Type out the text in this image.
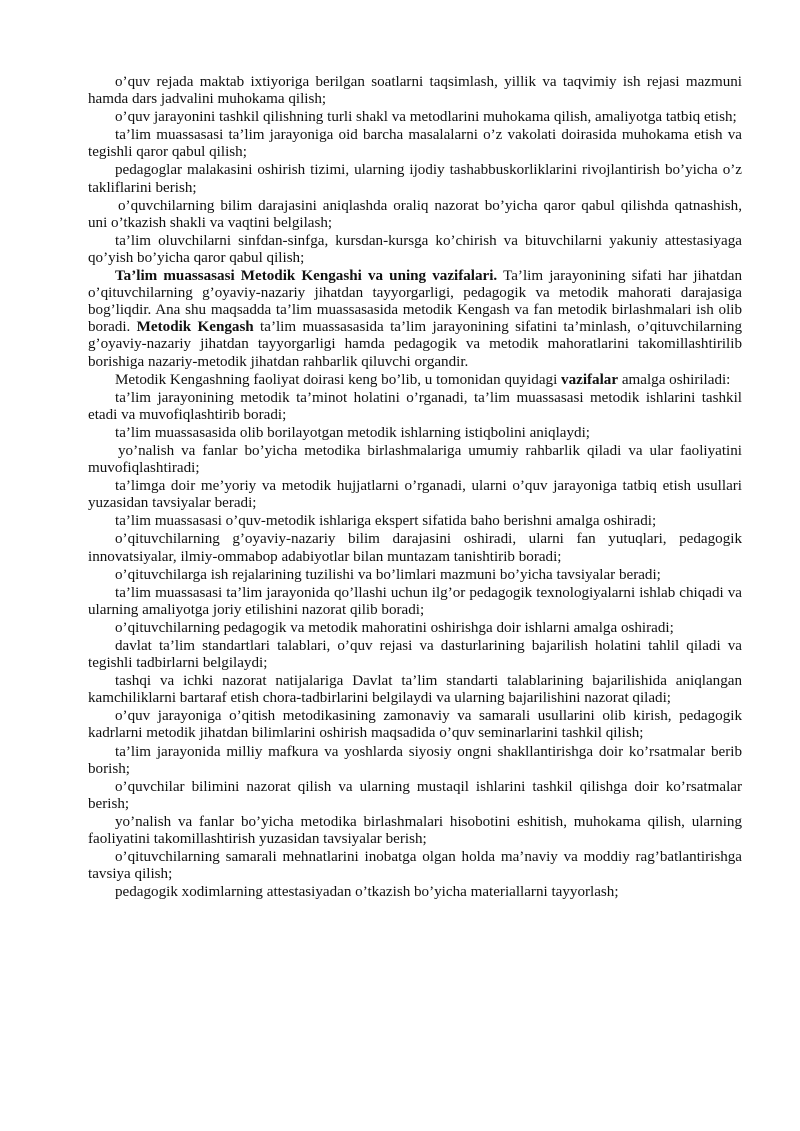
o’quv rejada maktab ixtiyoriga berilgan soatlarni taqsimlash, yillik va taqvimiy ish rejasi mazmuni hamda dars jadvalini muhokama qilish;

o’quv jarayonini tashkil qilishning turli shakl va metodlarini muhokama qilish, amaliyotga tatbiq etish;

ta’lim muassasasi ta’lim jarayoniga oid barcha masalalarni o’z vakolati doirasida muhokama etish va tegishli qaror qabul qilish;

pedagoglar malakasini oshirish tizimi, ularning ijodiy tashabbuskorliklarini rivojlantirish bo’yicha o’z takliflarini berish;

o’quvchilarning bilim darajasini aniqlashda oraliq nazorat bo’yicha qaror qabul qilishda qatnashish, uni o’tkazish shakli va vaqtini belgilash;

ta’lim oluvchilarni sinfdan-sinfga, kursdan-kursga ko’chirish va bituvchilarni yakuniy attestasiyaga qo’yish bo’yicha qaror qabul qilish;

Ta’lim muassasasi Metodik Kengashi va uning vazifalari. Ta’lim jarayonining sifati har jihatdan o’qituvchilarning g’oyaviy-nazariy jihatdan tayyorgarligi, pedagogik va metodik mahorati darajasiga bog’liqdir. Ana shu maqsadda ta’lim muassasasida metodik Kengash va fan metodik birlashmalari ish olib boradi. Metodik Kengash ta’lim muassasasida ta’lim jarayonining sifatini ta’minlash, o’qituvchilarning g’oyaviy-nazariy jihatdan tayyorgarligi hamda pedagogik va metodik mahoratlarini takomillashtirilib borishiga nazariy-metodik jihatdan rahbarlik qiluvchi organdir.

Metodik Kengashning faoliyat doirasi keng bo’lib, u tomonidan quyidagi vazifalar amalga oshiriladi:

ta’lim jarayonining metodik ta’minot holatini o’rganadi, ta’lim muassasasi metodik ishlarini tashkil etadi va muvofiqlashtirib boradi;

ta’lim muassasasida olib borilayotgan metodik ishlarning istiqbolini aniqlaydi;

yo’nalish va fanlar bo’yicha metodika birlashmalariga umumiy rahbarlik qiladi va ular faoliyatini muvofiqlashtiradi;

ta’limga doir me’yoriy va metodik hujjatlarni o’rganadi, ularni o’quv jarayoniga tatbiq etish usullari yuzasidan tavsiyalar beradi;

ta’lim muassasasi o’quv-metodik ishlariga ekspert sifatida baho berishni amalga oshiradi;

o’qituvchilarning g’oyaviy-nazariy bilim darajasini oshiradi, ularni fan yutuqlari, pedagogik innovatsiyalar, ilmiy-ommabop adabiyotlar bilan muntazam tanishtirib boradi;

o’qituvchilarga ish rejalarining tuzilishi va bo’limlari mazmuni bo’yicha tavsiyalar beradi;

ta’lim muassasasi ta’lim jarayonida qo’llashi uchun ilg’or pedagogik texnologiyalarni ishlab chiqadi va ularning amaliyotga joriy etilishini nazorat qilib boradi;

o’qituvchilarning pedagogik va metodik mahoratini oshirishga doir ishlarni amalga oshiradi;

davlat ta’lim standartlari talablari, o’quv rejasi va dasturlarining bajarilish holatini tahlil qiladi va tegishli tadbirlarni belgilaydi;

tashqi va ichki nazorat natijalariga Davlat ta’lim standarti talablarining bajarilishida aniqlangan kamchiliklarni bartaraf etish chora-tadbirlarini belgilaydi va ularning bajarilishini nazorat qiladi;

o’quv jarayoniga o’qitish metodikasining zamonaviy va samarali usullarini olib kirish, pedagogik kadrlarni metodik jihatdan bilimlarini oshirish maqsadida o’quv seminarlarini tashkil qilish;

ta’lim jarayonida milliy mafkura va yoshlarda siyosiy ongni shakllantirishga doir ko’rsatmalar berib borish;

o’quvchilar bilimini nazorat qilish va ularning mustaqil ishlarini tashkil qilishga doir ko’rsatmalar berish;

yo’nalish va fanlar bo’yicha metodika birlashmalari hisobotini eshitish, muhokama qilish, ularning faoliyatini takomillashtirish yuzasidan tavsiyalar berish;

o’qituvchilarning samarali mehnatlarini inobatga olgan holda ma’naviy va moddiy rag’batlantirishga tavsiya qilish;

pedagogik xodimlarning attestasiyadan o’tkazish bo’yicha materiallarni tayyorlash;
